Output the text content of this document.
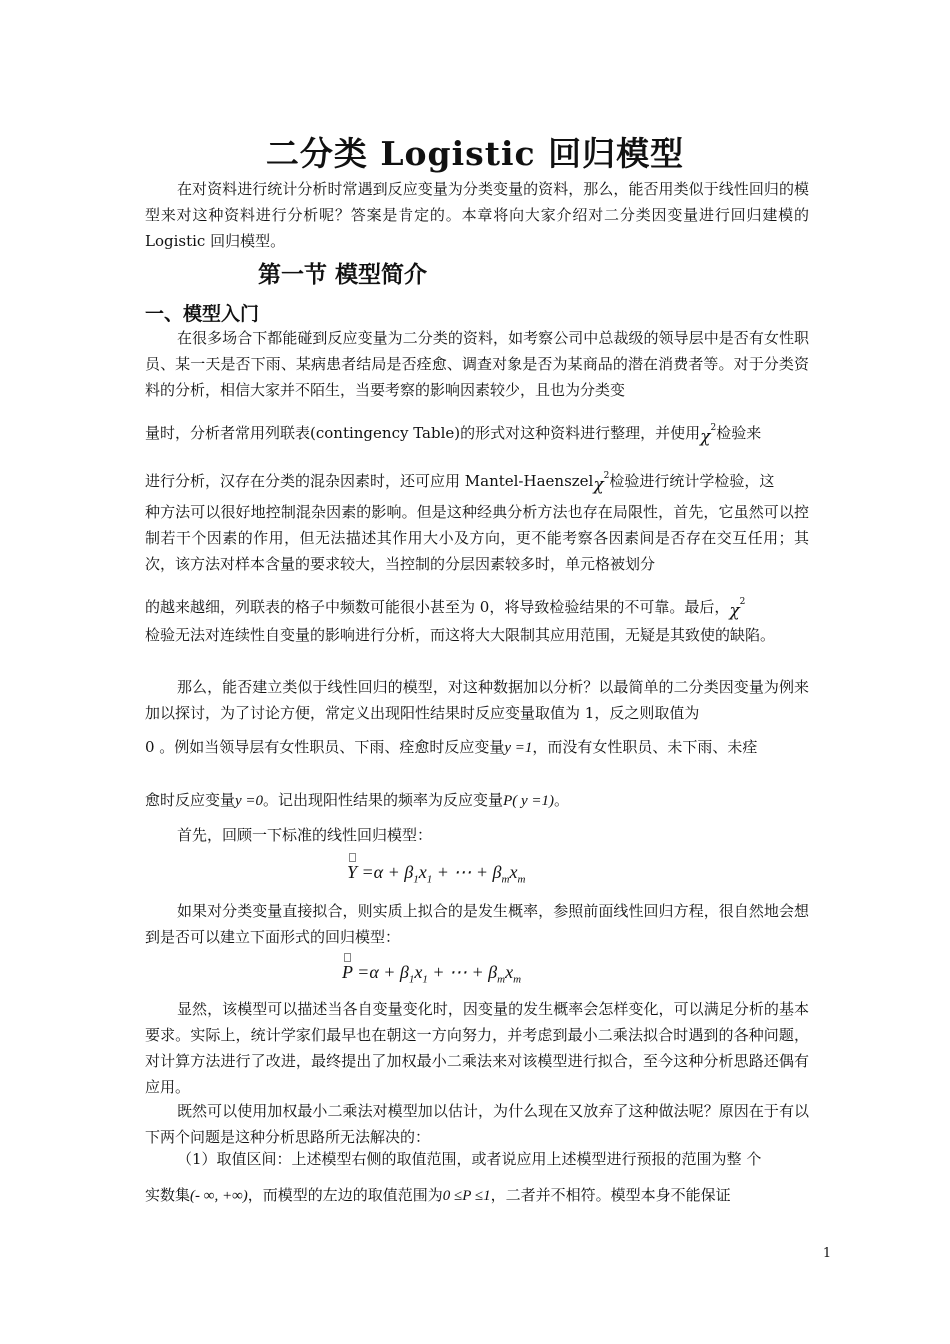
二分类 Logistic 回归模型
在对资料进行统计分析时常遇到反应变量为分类变量的资料，那么，能否用类似于线性回归的模型来对这种资料进行分析呢？答案是肯定的。本章将向大家介绍对二分类因变量进行回归建模的 Logistic 回归模型。
第一节 模型简介
一、模型入门
在很多场合下都能碰到反应变量为二分类的资料，如考察公司中总裁级的领导层中是否有女性职员、某一天是否下雨、某病患者结局是否痊愈、调查对象是否为某商品的潜在消费者等。对于分类资料的分析，相信大家并不陌生，当要考察的影响因素较少，且也为分类变
量时，分析者常用列联表(contingency Table)的形式对这种资料进行整理，并使用$\chi^2$检验来
进行分析，汉存在分类的混杂因素时，还可应用 Mantel-Haenszelχ$^2$检验进行统计学检验，这
种方法可以很好地控制混杂因素的影响。但是这种经典分析方法也存在局限性，首先，它虽然可以控制若干个因素的作用，但无法描述其作用大小及方向，更不能考察各因素间是否存在交互任用；其次，该方法对样本含量的要求较大，当控制的分层因素较多时，单元格被划分
的越来越细，列联表的格子中频数可能很小甚至为 0，将导致检验结果的不可靠。最后，$\chi^2$
检验无法对连续性自变量的影响进行分析，而这将大大限制其应用范围，无疑是其致使的缺陷。
那么，能否建立类似于线性回归的模型，对这种数据加以分析？以最简单的二分类因变量为例来加以探讨，为了讨论方便，常定义出现阳性结果时反应变量取值为 1，反之则取值为
0 。例如当领导层有女性职员、下雨、痊愈时反应变量y =1，而没有女性职员、未下雨、未痊
愈时反应变量y =0。记出现阳性结果的频率为反应变量P( y =1)。
首先，回顾一下标准的线性回归模型：
$Y =\alpha + \beta_1x_1$ + ⋯ + $\beta_mx_m$
如果对分类变量直接拟合，则实质上拟合的是发生概率，参照前面线性回归方程，很自然地会想到是否可以建立下面形式的回归模型：
$P =\alpha + \beta_1x_1$ + ⋯ + $\beta_mx_m$
显然，该模型可以描述当各自变量变化时，因变量的发生概率会怎样变化，可以满足分析的基本要求。实际上，统计学家们最早也在朝这一方向努力，并考虑到最小二乘法拟合时遇到的各种问题，对计算方法进行了改进，最终提出了加权最小二乘法来对该模型进行拟合，至今这种分析思路还偶有应用。
既然可以使用加权最小二乘法对模型加以估计，为什么现在又放弃了这种做法呢？原因在于有以下两个问题是这种分析思路所无法解决的：
（1）取值区间：上述模型右侧的取值范围，或者说应用上述模型进行预报的范围为整 个
实数集(- ∞, +∞)，而模型的左边的取值范围为0 ≤P ≤1，二者并不相符。模型本身不能保证
1
